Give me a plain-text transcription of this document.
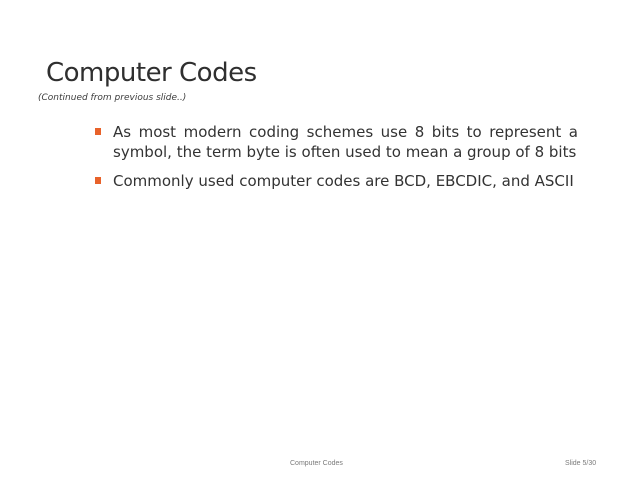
Computer Codes
(Continued from previous slide..)
As most modern coding schemes use 8 bits to represent a symbol, the term byte is often used to mean a group of 8 bits
Commonly used computer codes are BCD, EBCDIC, and ASCII
Computer Codes	Slide 5/30
